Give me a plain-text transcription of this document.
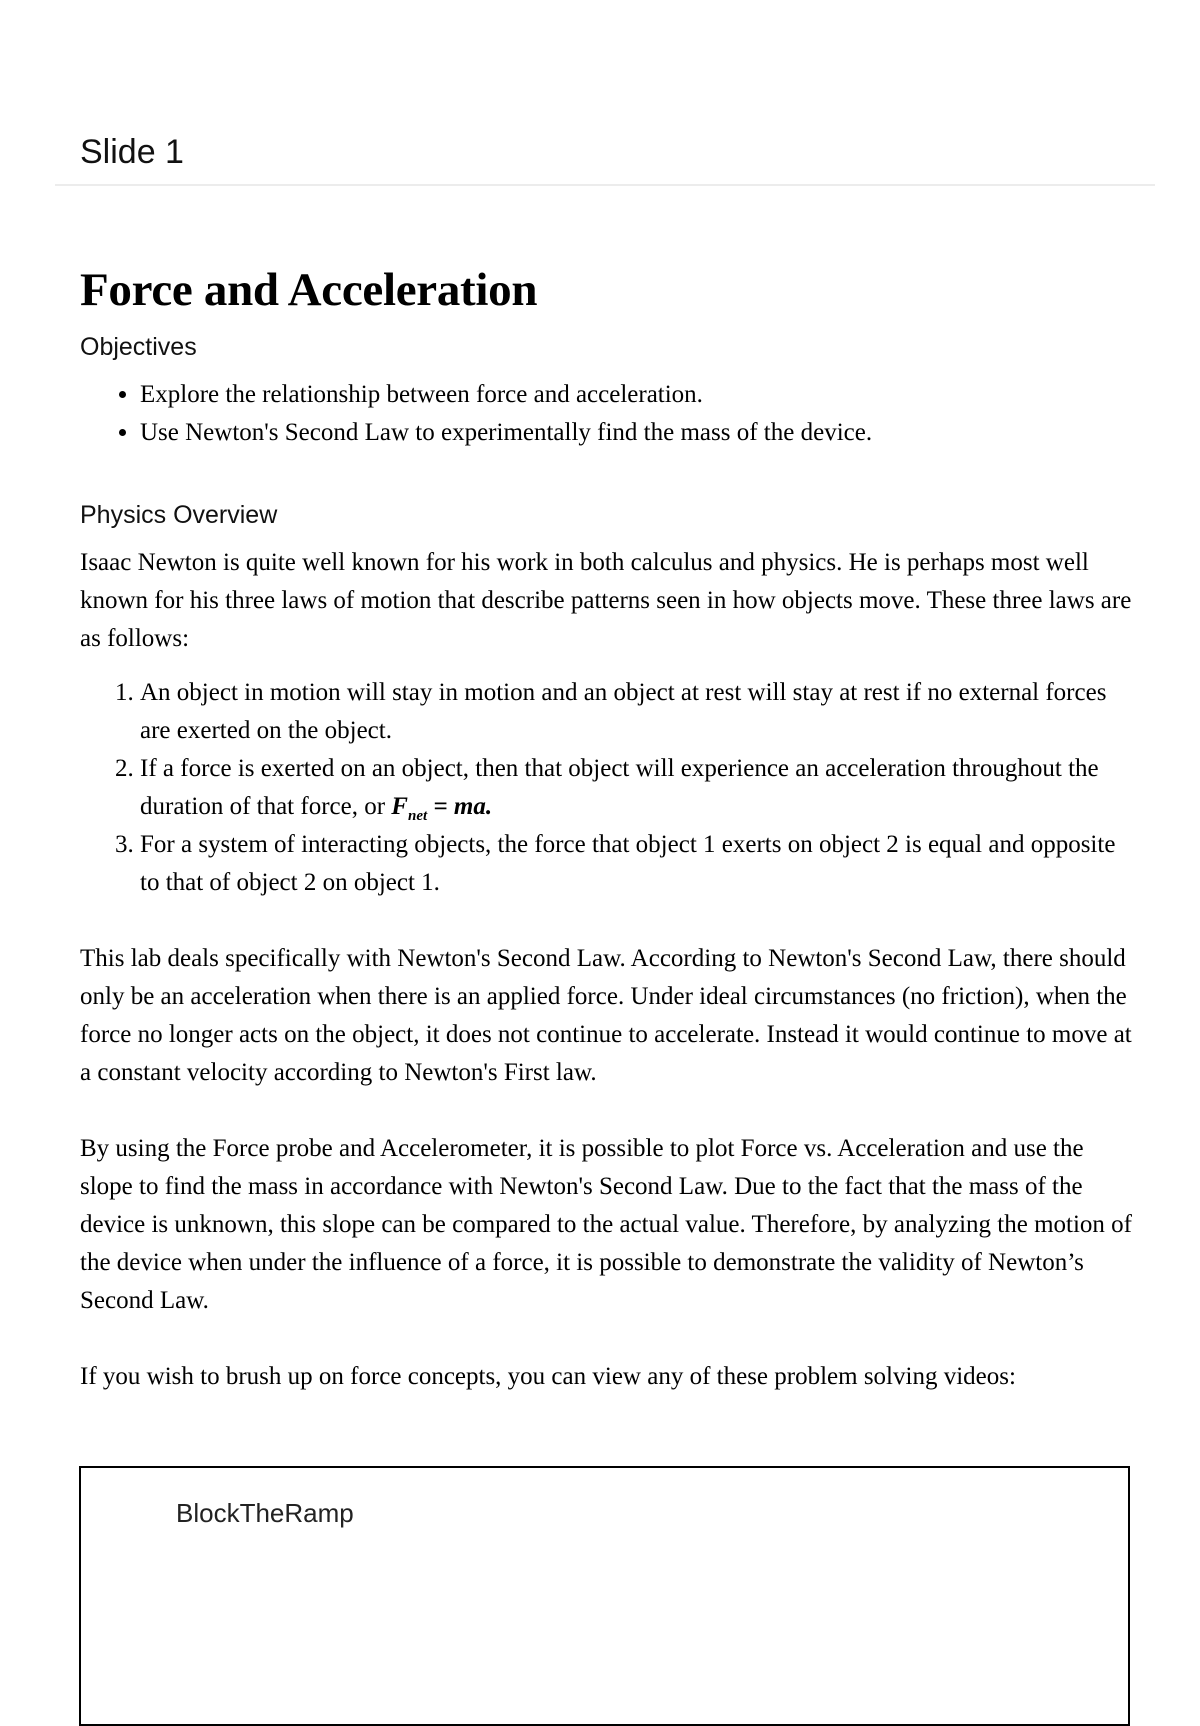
Slide 1
Force and Acceleration
Objectives
• Explore the relationship between force and acceleration.
• Use Newton's Second Law to experimentally find the mass of the device.
Physics Overview

Isaac Newton is quite well known for his work in both calculus and physics. He is perhaps most well known for his three laws of motion that describe patterns seen in how objects move. These three laws are as follows:

1. An object in motion will stay in motion and an object at rest will stay at rest if no external forces are exerted on the object.
2. If a force is exerted on an object, then that object will experience an acceleration throughout the duration of that force, or $F_{net}$ = ma.
3. For a system of interacting objects, the force that object 1 exerts on object 2 is equal and opposite to that of object 2 on object 1.

This lab deals specifically with Newton's Second Law. According to Newton's Second Law, there should only be an acceleration when there is an applied force. Under ideal circumstances (no friction), when the force no longer acts on the object, it does not continue to accelerate. Instead it would continue to move at a constant velocity according to Newton's First law.

By using the Force probe and Accelerometer, it is possible to plot Force vs. Acceleration and use the slope to find the mass in accordance with Newton's Second Law. Due to the fact that the mass of the device is unknown, this slope can be compared to the actual value. Therefore, by analyzing the motion of the device when under the influence of a force, it is possible to demonstrate the validity of Newton’s Second Law.

If you wish to brush up on force concepts, you can view any of these problem solving videos:

BlockTheRamp
